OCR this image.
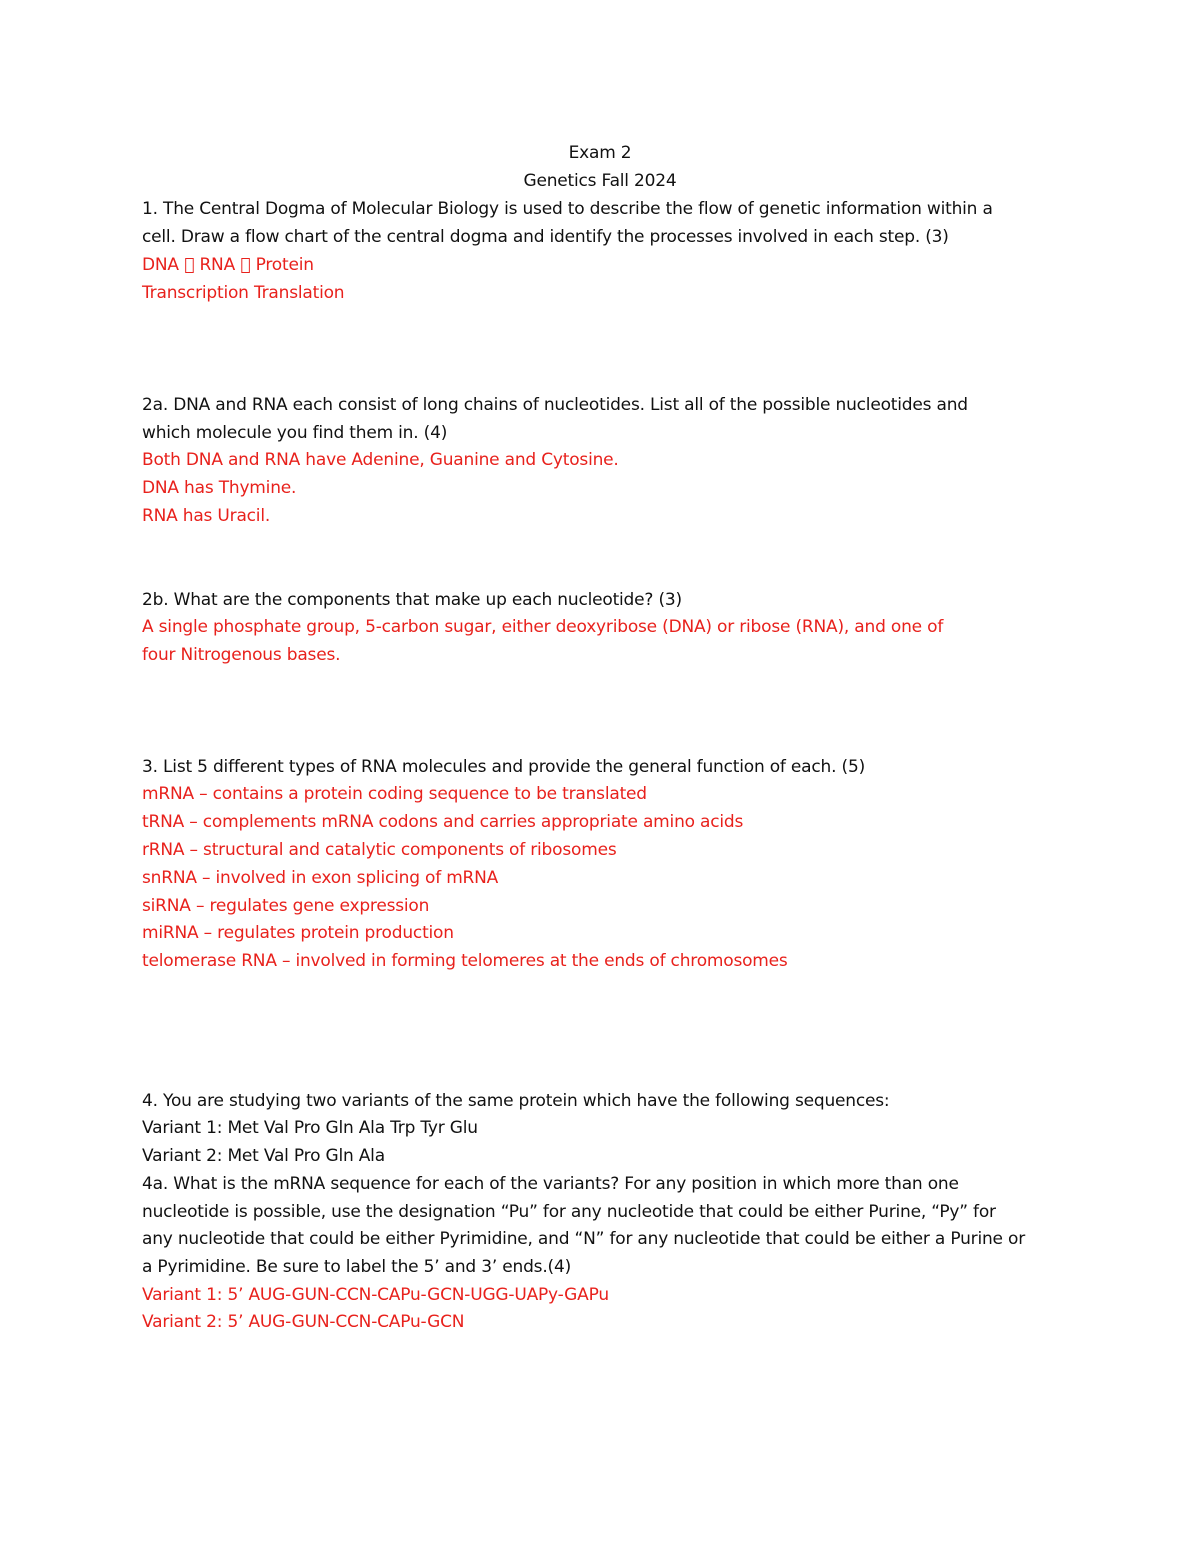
Exam 2
Genetics Fall 2024
1. The Central Dogma of Molecular Biology is used to describe the flow of genetic information within a
cell. Draw a flow chart of the central dogma and identify the processes involved in each step. (3)
DNA ⃞ RNA ⃞ Protein
Transcription Translation
2a. DNA and RNA each consist of long chains of nucleotides. List all of the possible nucleotides and
which molecule you find them in. (4)
Both DNA and RNA have Adenine, Guanine and Cytosine.
DNA has Thymine.
RNA has Uracil.
2b. What are the components that make up each nucleotide? (3)
A single phosphate group, 5-carbon sugar, either deoxyribose (DNA) or ribose (RNA), and one of
four Nitrogenous bases.
3. List 5 different types of RNA molecules and provide the general function of each. (5)
mRNA – contains a protein coding sequence to be translated
tRNA – complements mRNA codons and carries appropriate amino acids
rRNA – structural and catalytic components of ribosomes
snRNA – involved in exon splicing of mRNA
siRNA – regulates gene expression
miRNA – regulates protein production
telomerase RNA – involved in forming telomeres at the ends of chromosomes
4. You are studying two variants of the same protein which have the following sequences:
Variant 1: Met Val Pro Gln Ala Trp Tyr Glu
Variant 2: Met Val Pro Gln Ala
4a. What is the mRNA sequence for each of the variants? For any position in which more than one
nucleotide is possible, use the designation “Pu” for any nucleotide that could be either Purine, “Py” for
any nucleotide that could be either Pyrimidine, and “N” for any nucleotide that could be either a Purine or
a Pyrimidine. Be sure to label the 5’ and 3’ ends.(4)
Variant 1: 5’ AUG-GUN-CCN-CAPu-GCN-UGG-UAPy-GAPu
Variant 2: 5’ AUG-GUN-CCN-CAPu-GCN
